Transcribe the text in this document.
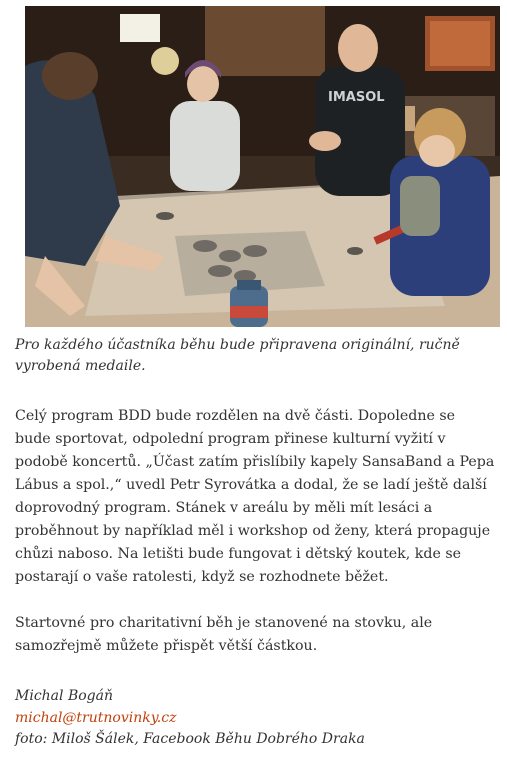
IMASOL

Pro každého účastníka běhu bude připravena originální, ručně vyrobená medaile.

Celý program BDD bude rozdělen na dvě části. Dopoledne se bude sportovat, odpolední program přinese kulturní vyžití v podobě koncertů. „Účast zatím přislíbily kapely SansaBand a Pepa Lábus a spol.,“ uvedl Petr Syrovátka a dodal, že se ladí ještě další doprovodný program. Stánek v areálu by měli mít lesáci a proběhnout by například měl i workshop od ženy, která propaguje chůzi naboso. Na letišti bude fungovat i dětský koutek, kde se postarají o vaše ratolesti, když se rozhodnete běžet.

Startovné pro charitativní běh je stanovené na stovku, ale samozřejmě můžete přispět větší částkou.

Michal Bogáň
michal@trutnovinky.cz
foto: Miloš Šálek, Facebook Běhu Dobrého Draka
